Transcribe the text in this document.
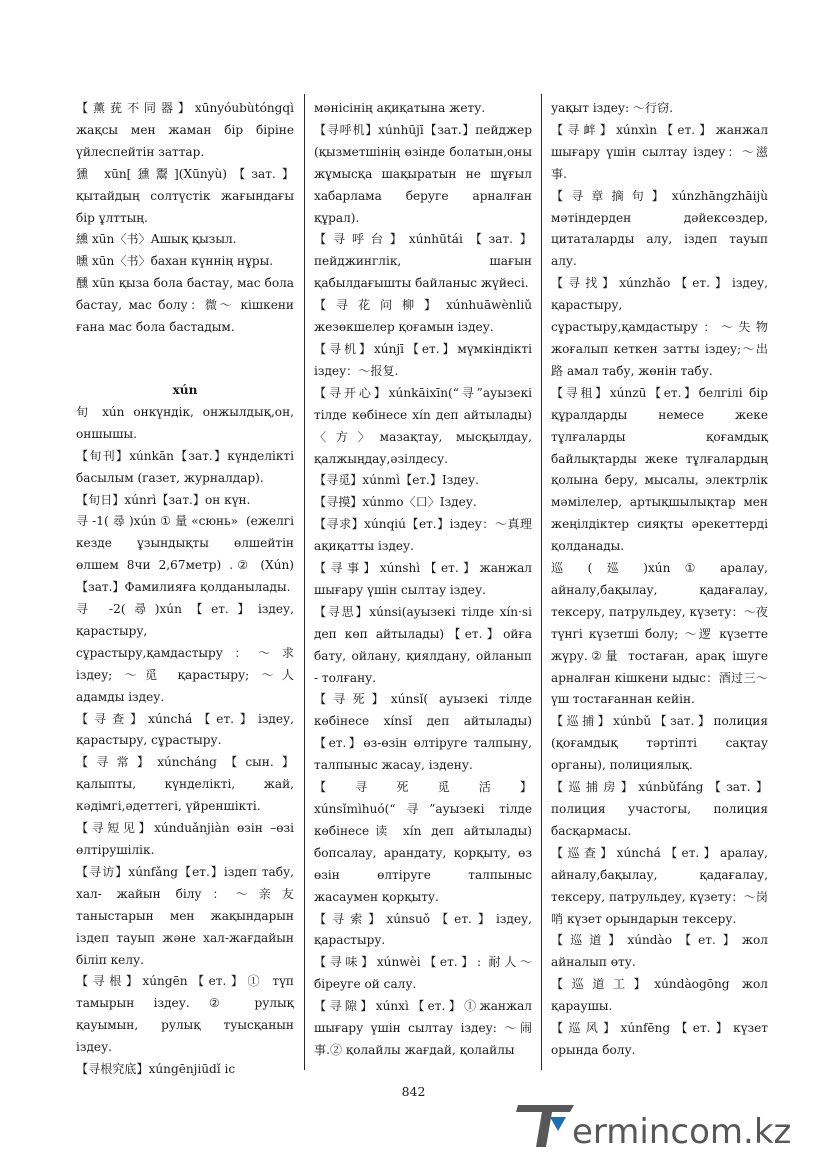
【薰莸不同器】xūnyóubùtóngqì жақсы мен жаман бір біріне үйлеспейтін заттар.

獯 xūn[獯鬻](Xūnyù)【зат.】қытайдың солтүстік жағындағы бір ұлттың.

纁 xūn〈书〉Ашық қызыл.

曛 xūn〈书〉бахан күннің нұры.

醺 xūn қыза бола бастау, мас бола бастау, мас болу：微～ кішкени ғана мас бола бастадым.

xún

旬 xún онкүндік, онжылдық,он, оншышы.

【旬刊】xúnkān【зат.】күнделікті басылым (газет, журналдар).

【旬日】xúnrì【зат.】он күн.

寻-1(尋)xún①量«сюнь» (ежелгі кезде ұзындықты өлшейтін өлшем 8чи 2,67метр) .② (Xún)【зат.】Фамилияға қолданылады.

寻 -2(尋)xún【ет.】іздеу, қарастыру, сұрастыру,қамдастыру：～求 іздеу; ～觅 қарастыру; ～人 адамды іздеу.

【寻查】xúnchá【ет.】іздеу, қарастыру, сұрастыру.

【寻常】xúncháng【сын.】қалыпты, күнделікті, жай, кәдімгі,әдеттегі, үйреншікті.

【寻短见】xúnduǎnjiàn өзін –өзі өлтірушілік.

【寻访】xúnfǎng【ет.】іздеп табу, хал- жайын білу：～亲友 таныстарын мен жақындарын іздеп тауып және хал-жағдайын біліп келу.

【寻根】xúngēn【ет.】① түп тамырын іздеу. ② рулық қауымын, рулық туысқанын іздеу.

【寻根究底】xúngēnjiūdǐ іс

мәнісінің ақиқатына жету.

【寻呼机】xúnhūjī【зат.】пейджер (қызметшінің өзінде болатын,оны жұмысқа шақыратын не шұғыл хабарлама беруге арналған құрал).

【寻呼台】xúnhūtái【зат.】пейджинглік, шағын қабылдағышты байланыс жүйесі.

【寻花问柳】xúnhuāwènliǔ жезөкшелер қоғамын іздеу.

【寻机】xúnjī【ет.】мүмкіндікті іздеу：～报复.

【寻开心】xúnkāixīn(“寻”ауызекі тілде көбінесе xín деп айтылады)〈方〉мазақтау, мысқылдау, қалжыңдау,әзілдесу.

【寻觅】xúnmì【ет.】Іздеу.

【寻摸】xúnmo〈口〉Іздеу.

【寻求】xúnqiú【ет.】іздеу：～真理 ақиқатты іздеу.

【寻事】xúnshì【ет.】жанжал шығару үшін сылтау іздеу.

【寻思】xúnsi(ауызекі тілде xín·si деп көп айтылады)【ет.】ойға бату, ойлану, қиялдану, ойланып - толғану.

【寻死】xúnsǐ( ауызекі тілде көбінесе xínsǐ деп айтылады)【ет.】өз-өзін өлтіруге талпыну, талпыныс жасау, іздену.

【寻死觅活】xúnsǐmìhuó(“寻”ауызекі тілде көбінесе读 xín деп айтылады) бопсалау, арандату, қорқыту, өз өзін өлтіруге талпыныс жасаумен қорқыту.

【寻索】xúnsuǒ【ет.】іздеу, қарастыру.

【寻味】xúnwèi【ет.】: 耐人～ біреуге ой салу.

【寻隙】xúnxì【ет.】①жанжал шығару үшін сылтау іздеу: ～闹事.② қолайлы жағдай, қолайлы

уақыт іздеу: ～行窃.

【寻衅】xúnxìn【ет.】жанжал шығару үшін сылтау іздеу：～滋事.

【寻章摘句】xúnzhāngzhāijù мәтіндерден дәйексөздер, цитаталарды алу, іздеп тауып алу.

【寻找】xúnzhǎo【ет.】іздеу, қарастыру, сұрастыру,қамдастыру：～失物 жоғалып кеткен затты іздеу;～出路 амал табу, жөнін табу.

【寻租】xúnzū【ет.】белгілі бір құралдарды немесе жеке тұлғаларды қоғамдық байлықтарды жеке тұлғалардың қолына беру, мысалы, электрлік мәмілелер, артықшылықтар мен жеңілдіктер сияқты әрекеттерді қолданады.

巡 ( 廵 )xún ① аралау, айналу,бақылау, қадағалау, тексеру, патрульдеу, күзету：～夜 түнгі күзетші болу; ～逻 күзетте жүру.②量 тостаған, арақ ішуге арналған кішкени ыдыс：酒过三～ үш тостағаннан кейін.

【巡捕】xúnbǔ【зат.】полиция (қоғамдық тәртіпті сақтау органы), полициялық.

【巡捕房】xúnbǔfáng【зат.】полиция участогы, полиция басқармасы.

【巡查】xúnchá【ет.】аралау, айналу,бақылау, қадағалау, тексеру, патрульдеу, күзету：～岗哨 күзет орындарын тексеру.

【巡道】xúndào【ет.】жол айналып өту.

【巡道工】xúndàogōng жол қараушы.

【巡风】xúnfēng【ет.】күзет орында болу.

842
ermincom.kz
